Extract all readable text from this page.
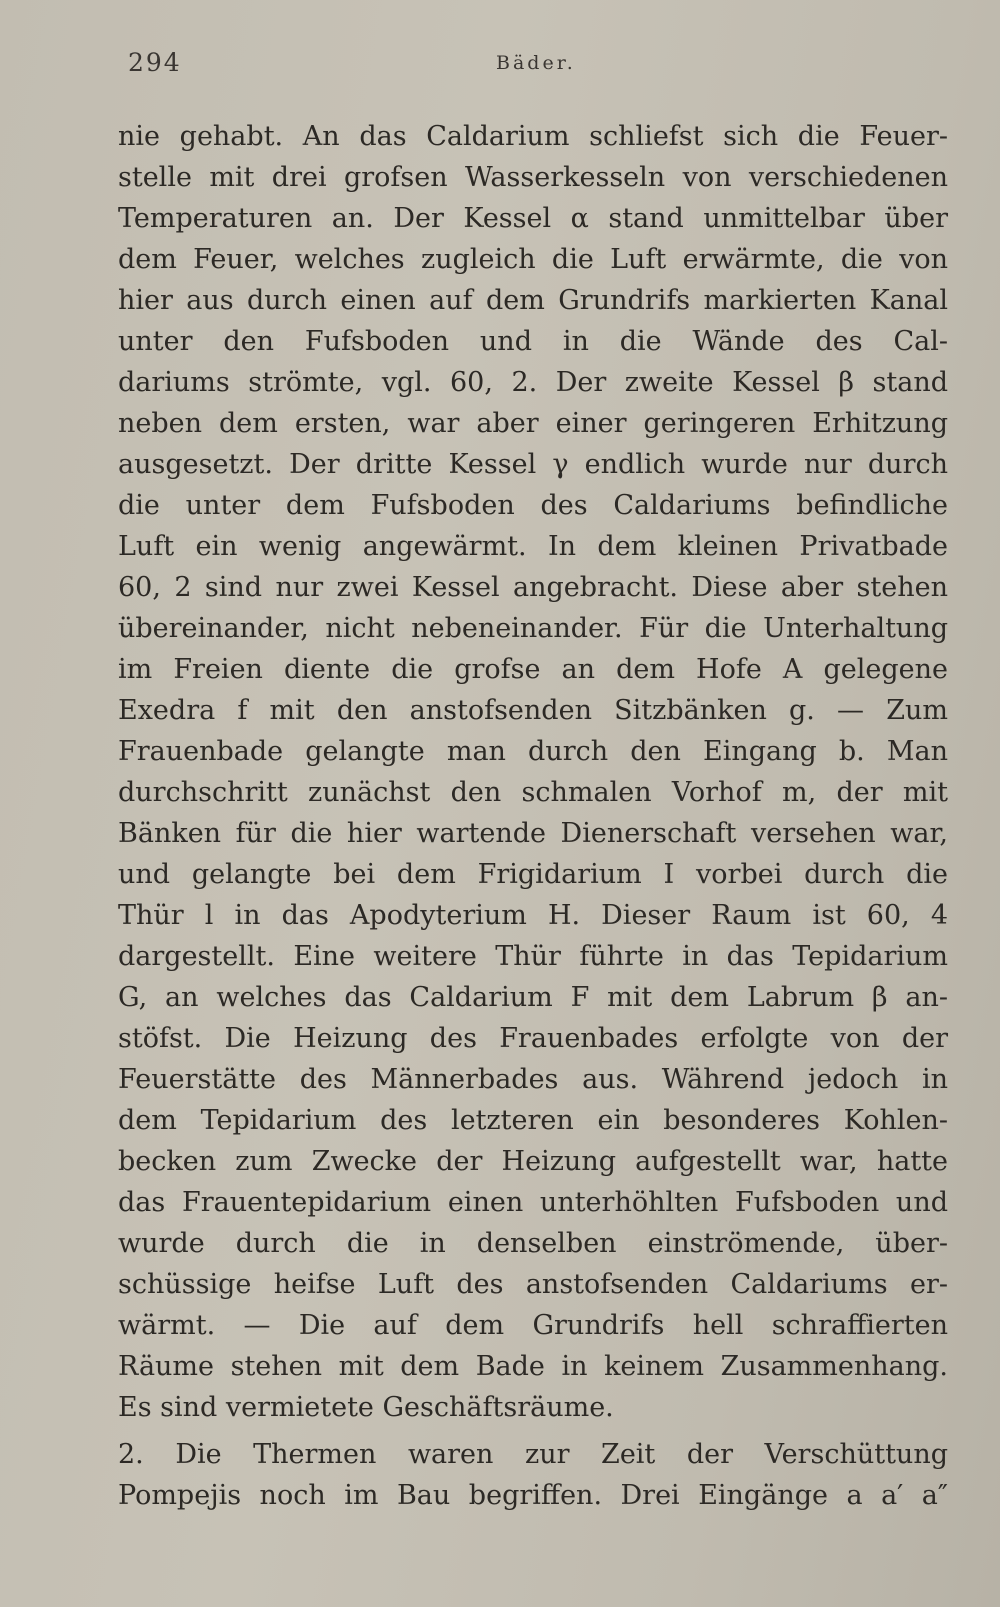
294	Bäder.
nie gehabt. An das Caldarium schliefst sich die Feuer-
stelle mit drei grofsen Wasserkesseln von verschiedenen
Temperaturen an. Der Kessel α stand unmittelbar über
dem Feuer, welches zugleich die Luft erwärmte, die von
hier aus durch einen auf dem Grundrifs markierten Kanal
unter den Fufsboden und in die Wände des Cal-
dariums strömte, vgl. 60, 2. Der zweite Kessel β stand
neben dem ersten, war aber einer geringeren Erhitzung
ausgesetzt. Der dritte Kessel γ endlich wurde nur durch
die unter dem Fufsboden des Caldariums befindliche
Luft ein wenig angewärmt. In dem kleinen Privatbade
60, 2 sind nur zwei Kessel angebracht. Diese aber stehen
übereinander, nicht nebeneinander. Für die Unterhaltung
im Freien diente die grofse an dem Hofe A gelegene
Exedra f mit den anstofsenden Sitzbänken g. — Zum
Frauenbade gelangte man durch den Eingang b. Man
durchschritt zunächst den schmalen Vorhof m, der mit
Bänken für die hier wartende Dienerschaft versehen war,
und gelangte bei dem Frigidarium I vorbei durch die
Thür l in das Apodyterium H. Dieser Raum ist 60, 4
dargestellt. Eine weitere Thür führte in das Tepidarium
G, an welches das Caldarium F mit dem Labrum β an-
stöfst. Die Heizung des Frauenbades erfolgte von der
Feuerstätte des Männerbades aus. Während jedoch in
dem Tepidarium des letzteren ein besonderes Kohlen-
becken zum Zwecke der Heizung aufgestellt war, hatte
das Frauentepidarium einen unterhöhlten Fufsboden und
wurde durch die in denselben einströmende, über-
schüssige heifse Luft des anstofsenden Caldariums er-
wärmt. — Die auf dem Grundrifs hell schraffierten
Räume stehen mit dem Bade in keinem Zusammenhang.
Es sind vermietete Geschäftsräume.
2. Die Thermen waren zur Zeit der Verschüttung
Pompejis noch im Bau begriffen. Drei Eingänge a a′ a″
